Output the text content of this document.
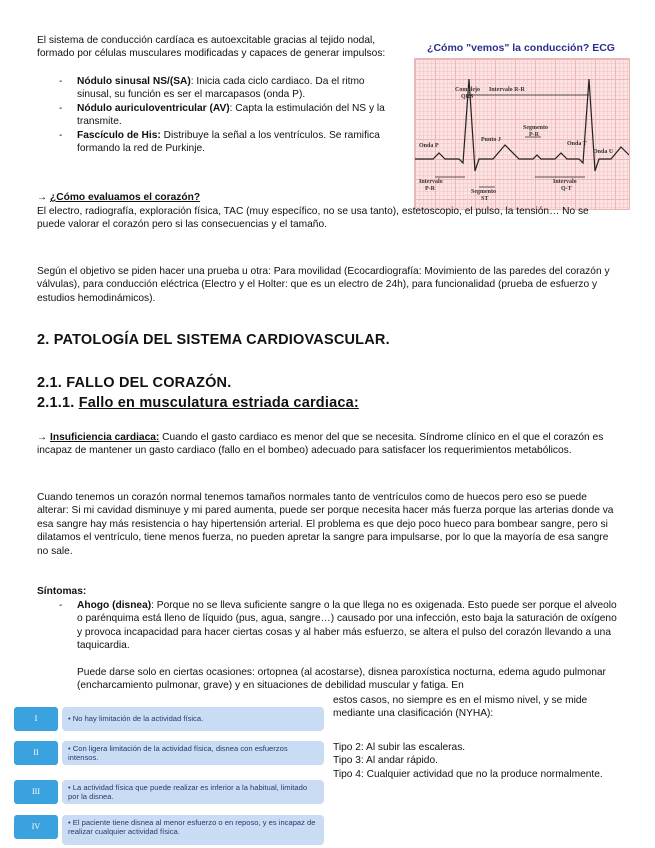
El sistema de conducción cardíaca es autoexcitable gracias al tejido nodal, formado por células musculares modificadas y capaces de generar impulsos:

- Nódulo sinusal NS/(SA): Inicia cada ciclo cardiaco. Da el ritmo sinusal, su función es ser el marcapasos (onda P).
- Nódulo auriculoventricular (AV): Capta la estimulación del NS y la transmite.
- Fascículo de His: Distribuye la señal a los ventrículos. Se ramifica formando la red de Purkinje.
¿Cómo "vemos" la conducción? ECG
Complejo
QRS
Intervalo R-R
Punto J
Segmento
P-R
Onda P	Onda T
Onda U
Intervalo
P-R	Segmento
ST
Intervalo
Q-T

→ ¿Cómo evaluamos el corazón?

El electro, radiografía, exploración física, TAC (muy específico, no se usa tanto), estetoscopio, el pulso, la tensión… No se puede valorar el corazón pero si las consecuencias y el tamaño.

Según el objetivo se piden hacer una prueba u otra: Para movilidad (Ecocardiografía: Movimiento de las paredes del corazón y válvulas), para conducción eléctrica (Electro y el Holter: que es un electro de 24h), para funcionalidad (prueba de esfuerzo y estudios hemodinámicos).

2. PATOLOGÍA DEL SISTEMA CARDIOVASCULAR.
2.1. FALLO DEL CORAZÓN.
2.1.1. Fallo en musculatura estriada cardiaca:

→ Insuficiencia cardiaca: Cuando el gasto cardiaco es menor del que se necesita. Síndrome clínico en el que el corazón es incapaz de mantener un gasto cardiaco (fallo en el bombeo) adecuado para satisfacer los requerimientos metabólicos.

Cuando tenemos un corazón normal tenemos tamaños normales tanto de ventrículos como de huecos pero eso se puede alterar: Si mi cavidad disminuye y mi pared aumenta, puede ser porque necesita hacer más fuerza porque las arterias donde va esa sangre hay más resistencia o hay hipertensión arterial. El problema es que dejo poco hueco para bombear sangre, pero si dilatamos el ventrículo, tiene menos fuerza, no pueden apretar la sangre para impulsarse, por lo que la mayoría de esa sangre no sale.

Síntomas:

- Ahogo (disnea): Porque no se lleva suficiente sangre o la que llega no es oxigenada. Esto puede ser porque el alveolo o parénquima está lleno de líquido (pus, agua, sangre…) causado por una infección, esto baja la saturación de oxígeno y provoca incapacidad para hacer ciertas cosas y al haber más esfuerzo, se altera el pulso del corazón llevando a una taquicardia.

Puede darse solo en ciertas ocasiones: ortopnea (al acostarse), disnea paroxística nocturna, edema agudo pulmonar (encharcamiento pulmonar, grave) y en situaciones de debilidad muscular y fatiga. En

estos casos, no siempre es en el mismo nivel, y se mide mediante una clasificación (NYHA):

I	• No hay limitación de la actividad física.
II	• Con ligera limitación de la actividad física, disnea con esfuerzos intensos.
III	• La actividad física que puede realizar es inferior a la habitual, limitado por la disnea.
IV	• El paciente tiene disnea al menor esfuerzo o en reposo, y es incapaz de realizar cualquier actividad física.

Tipo 2: Al subir las escaleras.

Tipo 3: Al andar rápido.

Tipo 4: Cualquier actividad que no la produce normalmente.
